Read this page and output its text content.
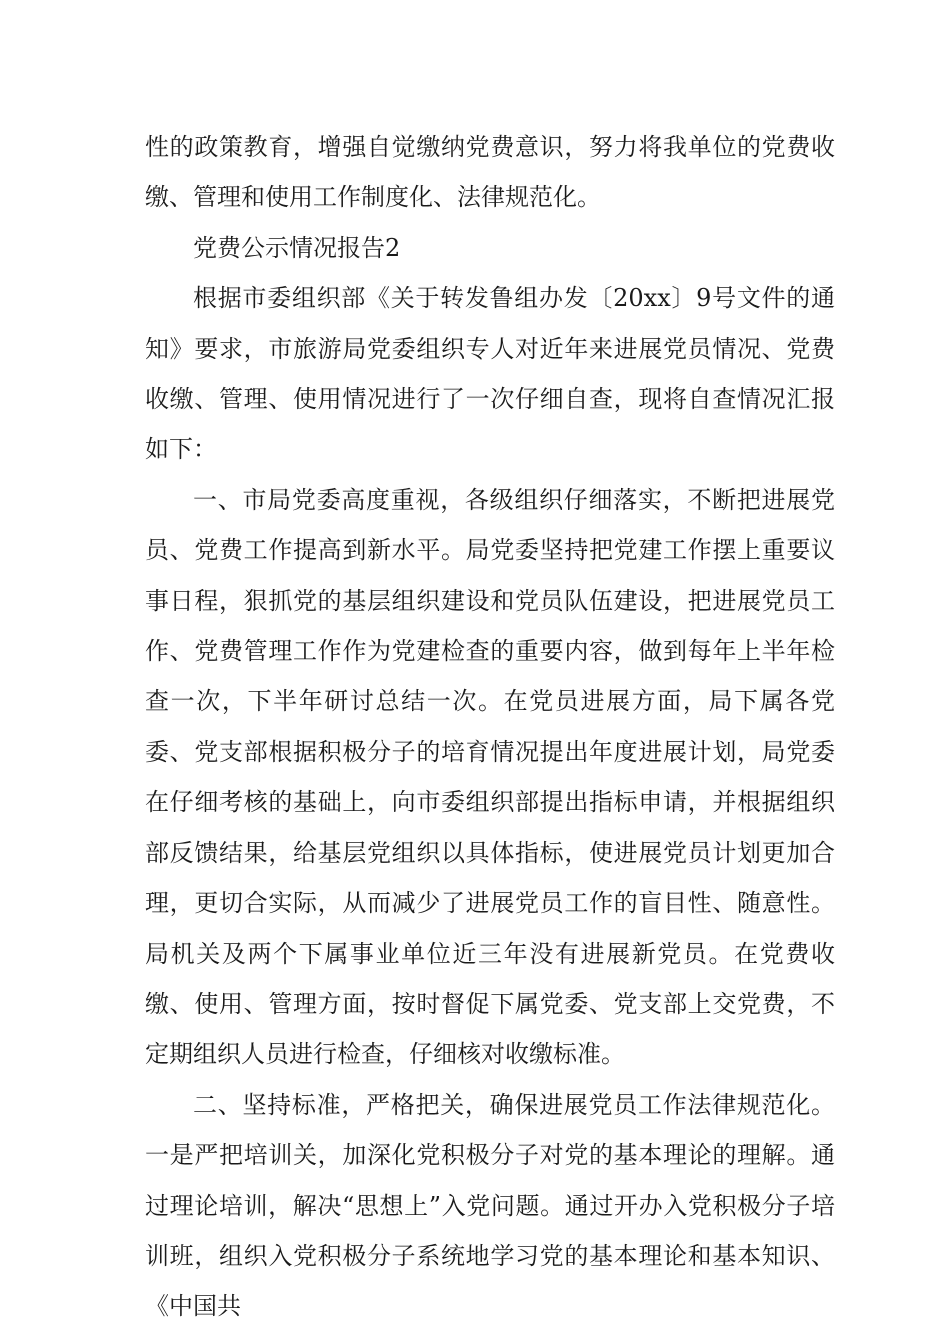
性的政策教育，增强自觉缴纳党费意识，努力将我单位的党费收缴、管理和使用工作制度化、法律规范化。

党费公示情况报告2

根据市委组织部《关于转发鲁组办发〔20xx〕9号文件的通知》要求，市旅游局党委组织专人对近年来进展党员情况、党费收缴、管理、使用情况进行了一次仔细自查，现将自查情况汇报如下：

一、市局党委高度重视，各级组织仔细落实，不断把进展党员、党费工作提高到新水平。局党委坚持把党建工作摆上重要议事日程，狠抓党的基层组织建设和党员队伍建设，把进展党员工作、党费管理工作作为党建检查的重要内容，做到每年上半年检查一次，下半年研讨总结一次。在党员进展方面，局下属各党委、党支部根据积极分子的培育情况提出年度进展计划，局党委在仔细考核的基础上，向市委组织部提出指标申请，并根据组织部反馈结果，给基层党组织以具体指标，使进展党员计划更加合理，更切合实际，从而减少了进展党员工作的盲目性、随意性。局机关及两个下属事业单位近三年没有进展新党员。在党费收缴、使用、管理方面，按时督促下属党委、党支部上交党费，不定期组织人员进行检查，仔细核对收缴标准。

二、坚持标准，严格把关，确保进展党员工作法律规范化。一是严把培训关，加深化党积极分子对党的基本理论的理解。通过理论培训，解决“思想上”入党问题。通过开办入党积极分子培训班，组织入党积极分子系统地学习党的基本理论和基本知识、《中国共
